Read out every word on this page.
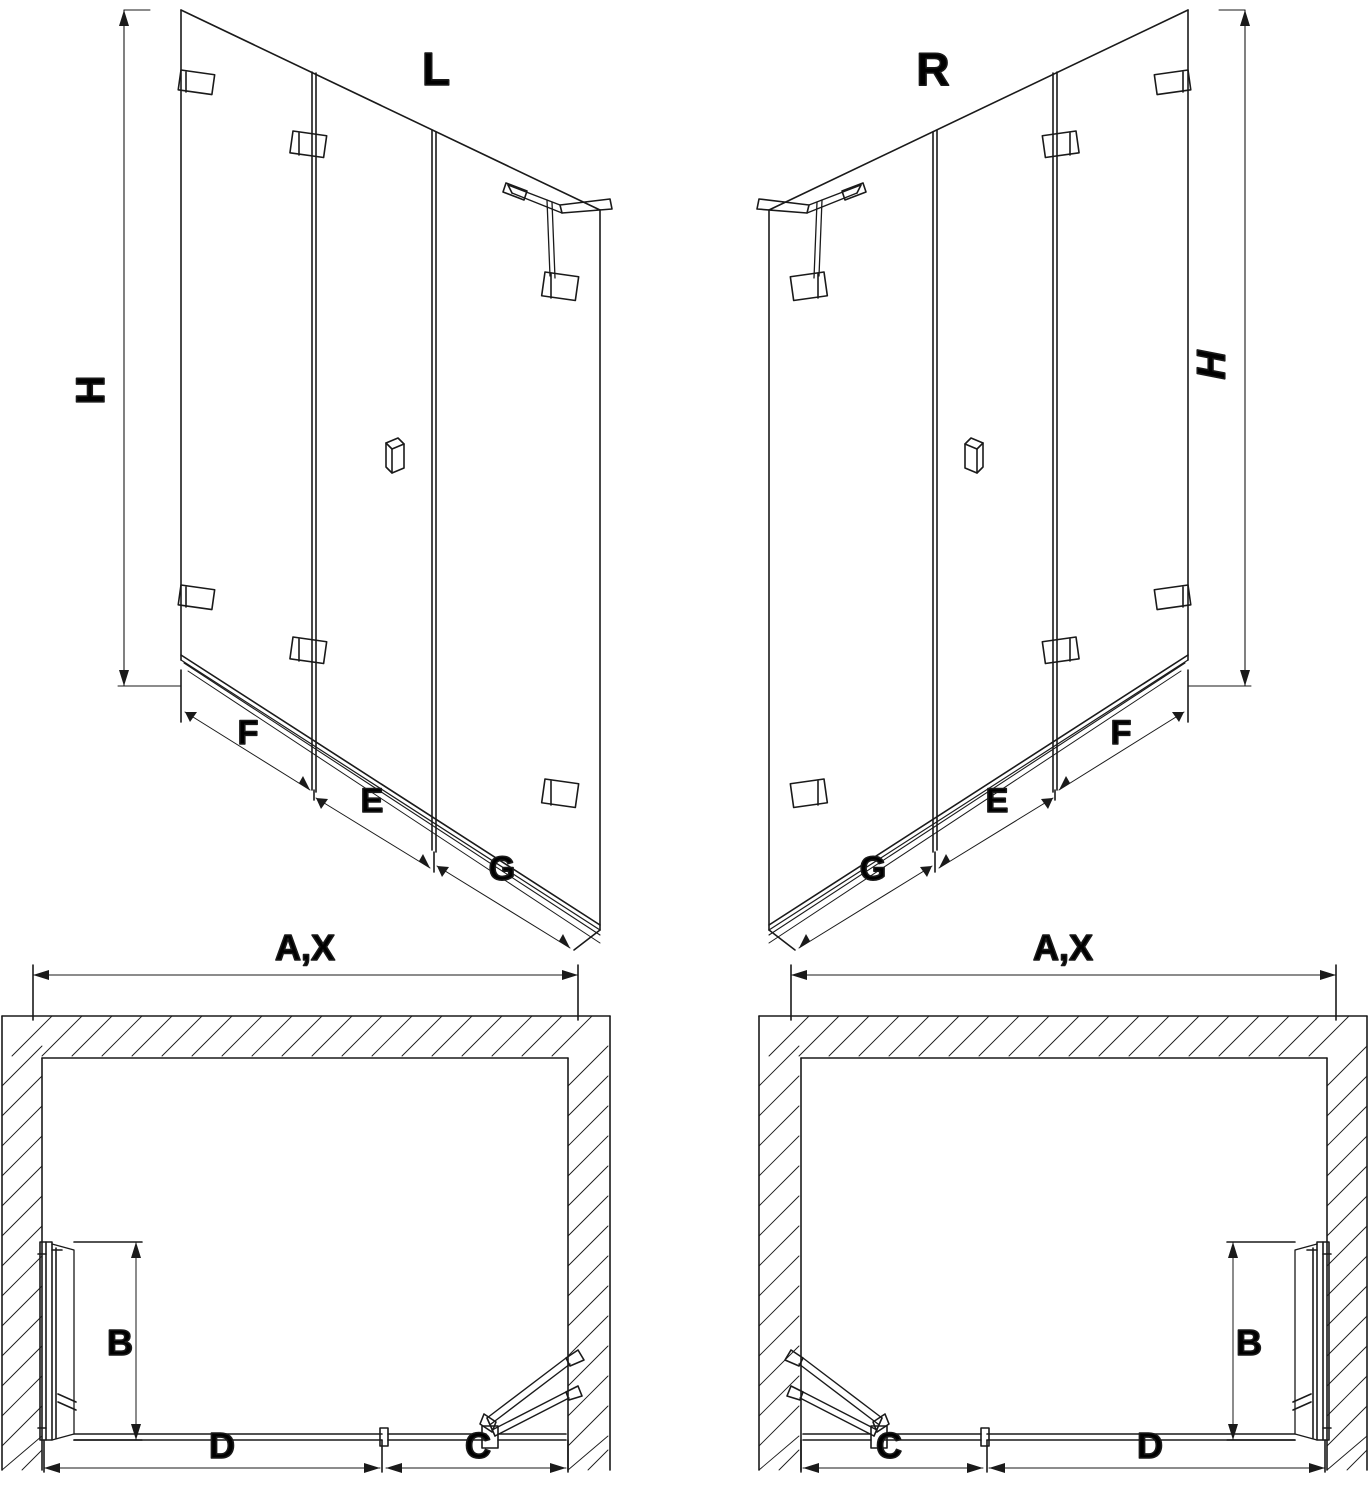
L
H
F
E
G
R
H
F
E
G
A,X
B
D	C
A,X
B
D
C
